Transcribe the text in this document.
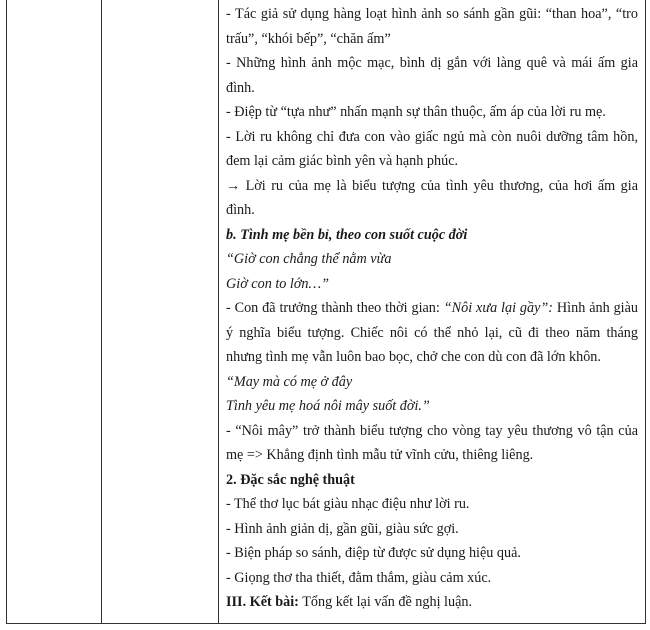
- Tác giả sử dụng hàng loạt hình ảnh so sánh gần gũi: “than hoa”, “tro trấu”, “khói bếp”, “chăn ấm”

- Những hình ảnh mộc mạc, bình dị gắn với làng quê và mái ấm gia đình.

- Điệp từ “tựa như” nhấn mạnh sự thân thuộc, ấm áp của lời ru mẹ.

- Lời ru không chỉ đưa con vào giấc ngủ mà còn nuôi dưỡng tâm hồn, đem lại cảm giác bình yên và hạnh phúc.

→ Lời ru của mẹ là biểu tượng của tình yêu thương, của hơi ấm gia đình.

b. Tình mẹ bền bỉ, theo con suốt cuộc đời

“Giờ con chẳng thể nằm vừa

Giờ con to lớn…”

- Con đã trưởng thành theo thời gian: “Nôi xưa lại gầy”: Hình ảnh giàu ý nghĩa biểu tượng. Chiếc nôi có thể nhỏ lại, cũ đi theo năm tháng nhưng tình mẹ vẫn luôn bao bọc, chở che con dù con đã lớn khôn.

“May mà có mẹ ở đây

Tình yêu mẹ hoá nôi mây suốt đời.”

- “Nôi mây” trở thành biểu tượng cho vòng tay yêu thương vô tận của mẹ => Khẳng định tình mẫu tử vĩnh cửu, thiêng liêng.

2. Đặc sắc nghệ thuật

- Thể thơ lục bát giàu nhạc điệu như lời ru.

- Hình ảnh giản dị, gần gũi, giàu sức gợi.

- Biện pháp so sánh, điệp từ được sử dụng hiệu quả.

- Giọng thơ tha thiết, đằm thắm, giàu cảm xúc.

III. Kết bài: Tổng kết lại vấn đề nghị luận.
